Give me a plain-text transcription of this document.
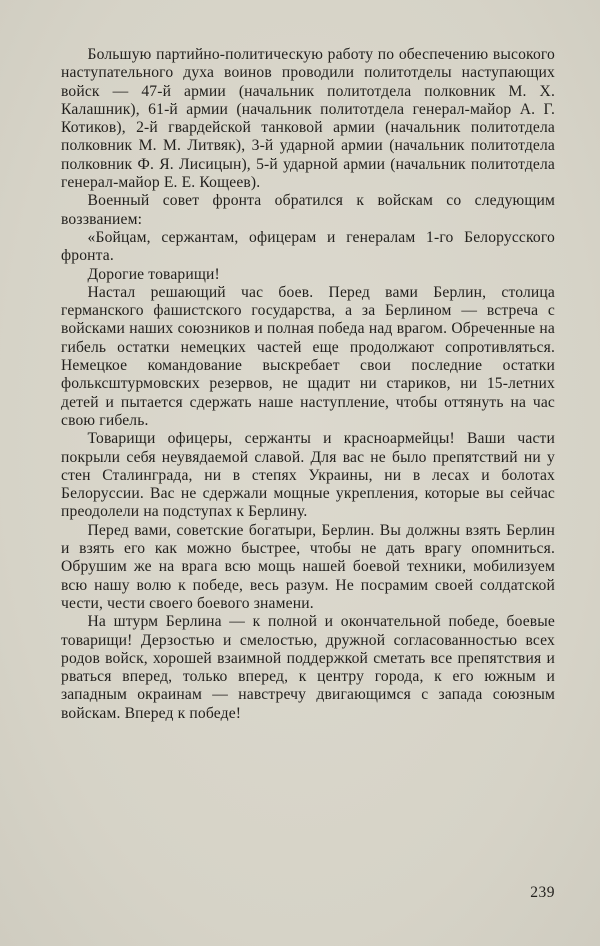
Большую партийно-политическую работу по обеспечению высокого наступательного духа воинов проводили политотделы наступающих войск — 47-й армии (начальник политотдела полковник М. Х. Калашник), 61-й армии (начальник политотдела генерал-майор А. Г. Котиков), 2-й гвардейской танковой армии (начальник политотдела полковник М. М. Литвяк), 3-й ударной армии (начальник политотдела полковник Ф. Я. Лисицын), 5-й ударной армии (начальник политотдела генерал-майор Е. Е. Кощеев).

Военный совет фронта обратился к войскам со следующим воззванием:

«Бойцам, сержантам, офицерам и генералам 1-го Белорусского фронта.

Дорогие товарищи!

Настал решающий час боев. Перед вами Берлин, столица германского фашистского государства, а за Берлином — встреча с войсками наших союзников и полная победа над врагом. Обреченные на гибель остатки немецких частей еще продолжают сопротивляться. Немецкое командование выскребает свои последние остатки фольксштурмовских резервов, не щадит ни стариков, ни 15-летних детей и пытается сдержать наше наступление, чтобы оттянуть на час свою гибель.

Товарищи офицеры, сержанты и красноармейцы! Ваши части покрыли себя неувядаемой славой. Для вас не было препятствий ни у стен Сталинграда, ни в степях Украины, ни в лесах и болотах Белоруссии. Вас не сдержали мощные укрепления, которые вы сейчас преодолели на подступах к Берлину.

Перед вами, советские богатыри, Берлин. Вы должны взять Берлин и взять его как можно быстрее, чтобы не дать врагу опомниться. Обрушим же на врага всю мощь нашей боевой техники, мобилизуем всю нашу волю к победе, весь разум. Не посрамим своей солдатской чести, чести своего боевого знамени.

На штурм Берлина — к полной и окончательной победе, боевые товарищи! Дерзостью и смелостью, дружной согласованностью всех родов войск, хорошей взаимной поддержкой сметать все препятствия и рваться вперед, только вперед, к центру города, к его южным и западным окраинам — навстречу двигающимся с запада союзным войскам. Вперед к победе!

239
